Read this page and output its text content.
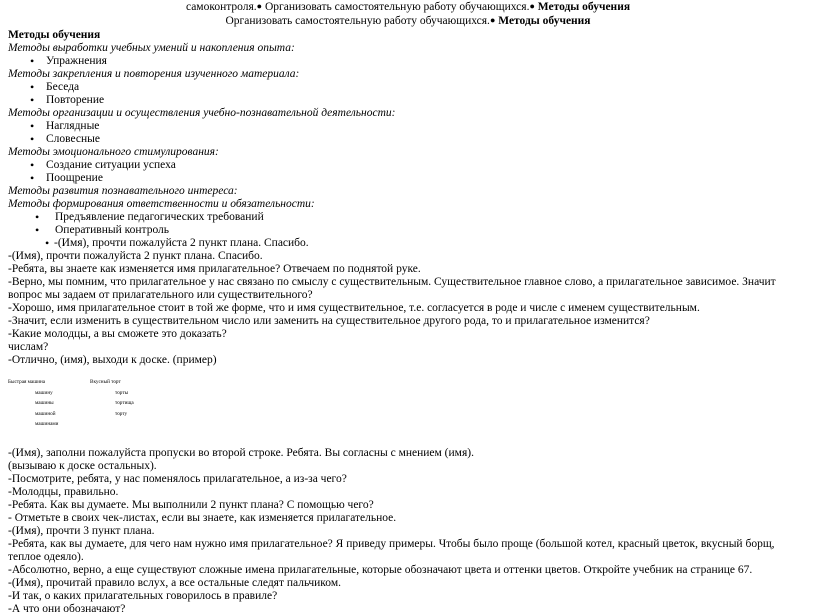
самоконтроля.● Организовать самостоятельную работу обучающихся.● Методы обучения
Организовать самостоятельную работу обучающихся.● Методы обучения
Методы обучения
Методы выработки учебных умений и накопления опыта:
• Упражнения
Методы закрепления и повторения изученного материала:
• Беседа
• Повторение
Методы организации и осуществления учебно-познавательной деятельности:
• Наглядные
• Словесные
Методы эмоционального стимулирования:
• Создание ситуации успеха
• Поощрение
Методы развития познавательного интереса:
Методы формирования ответственности и обязательности:
• Предъявление педагогических требований
• Оперативный контроль
• -(Имя), прочти пожалуйста 2 пункт плана. Спасибо.
-(Имя), прочти пожалуйста 2 пункт плана. Спасибо.
-Ребята, вы знаете как изменяется имя прилагательное? Отвечаем по поднятой руке.
-Верно, мы помним, что прилагательное у нас связано по смыслу с существительным. Существительное главное слово, а прилагательное зависимое. Значит вопрос мы задаем от прилагательного или существительного?
-Хорошо, имя прилагательное стоит в той же форме, что и имя существительное, т.е. согласуется в роде и числе с именем существительным.
-Значит, если изменить в существительном число или заменить на существительное другого рода, то и прилагательное изменится?
-Какие молодцы, а вы сможете это доказать?
числам?
-Отлично, (имя), выходи к доске. (пример)
Быстрая машина
машину
машины
машиной
машинами
Вкусный торт
торты
тортища
торту
-(Имя), заполни пожалуйста пропуски во второй строке. Ребята. Вы согласны с мнением (имя).
(вызываю к доске остальных).
-Посмотрите, ребята, у нас поменялось прилагательное, а из-за чего?
-Молодцы, правильно.
-Ребята. Как вы думаете. Мы выполнили 2 пункт плана? С помощью чего?
- Отметьте в своих чек-листах, если вы знаете, как изменяется прилагательное.
-(Имя), прочти 3 пункт плана.
-Ребята, как вы думаете, для чего нам нужно имя прилагательное? Я приведу примеры. Чтобы было проще (большой котел, красный цветок, вкусный борщ, теплое одеяло).
-Абсолютно, верно, а еще существуют сложные имена прилагательные, которые обозначают цвета и оттенки цветов. Откройте учебник на странице 67.
-(Имя), прочитай правило вслух, а все остальные следят пальчиком.
-И так, о каких прилагательных говорилось в правиле?
-А что они обозначают?
